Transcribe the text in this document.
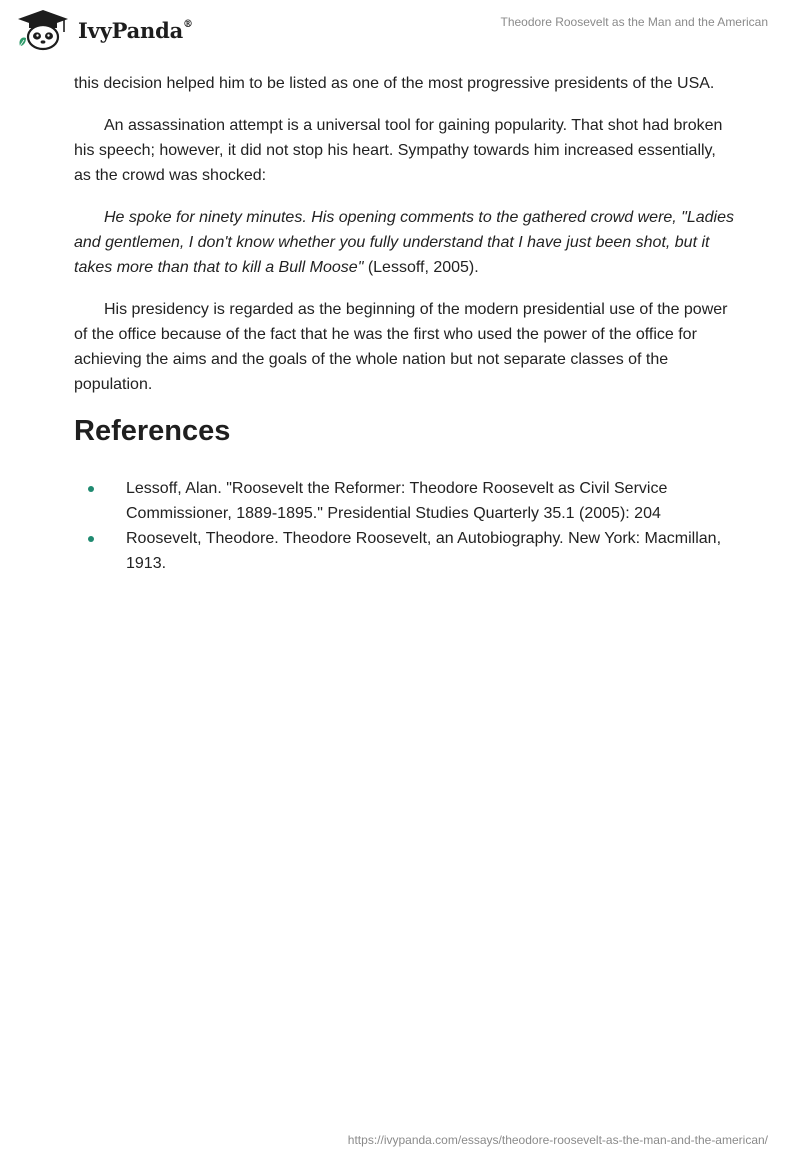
IvyPanda®	Theodore Roosevelt as the Man and the American

this decision helped him to be listed as one of the most progressive presidents of the USA.

An assassination attempt is a universal tool for gaining popularity. That shot had broken his speech; however, it did not stop his heart. Sympathy towards him increased essentially, as the crowd was shocked:

He spoke for ninety minutes. His opening comments to the gathered crowd were, "Ladies and gentlemen, I don't know whether you fully understand that I have just been shot, but it takes more than that to kill a Bull Moose" (Lessoff, 2005).

His presidency is regarded as the beginning of the modern presidential use of the power of the office because of the fact that he was the first who used the power of the office for achieving the aims and the goals of the whole nation but not separate classes of the population.

References
Lessoff, Alan. "Roosevelt the Reformer: Theodore Roosevelt as Civil Service Commissioner, 1889-1895." Presidential Studies Quarterly 35.1 (2005): 204
Roosevelt, Theodore. Theodore Roosevelt, an Autobiography. New York: Macmillan, 1913.
https://ivypanda.com/essays/theodore-roosevelt-as-the-man-and-the-american/
